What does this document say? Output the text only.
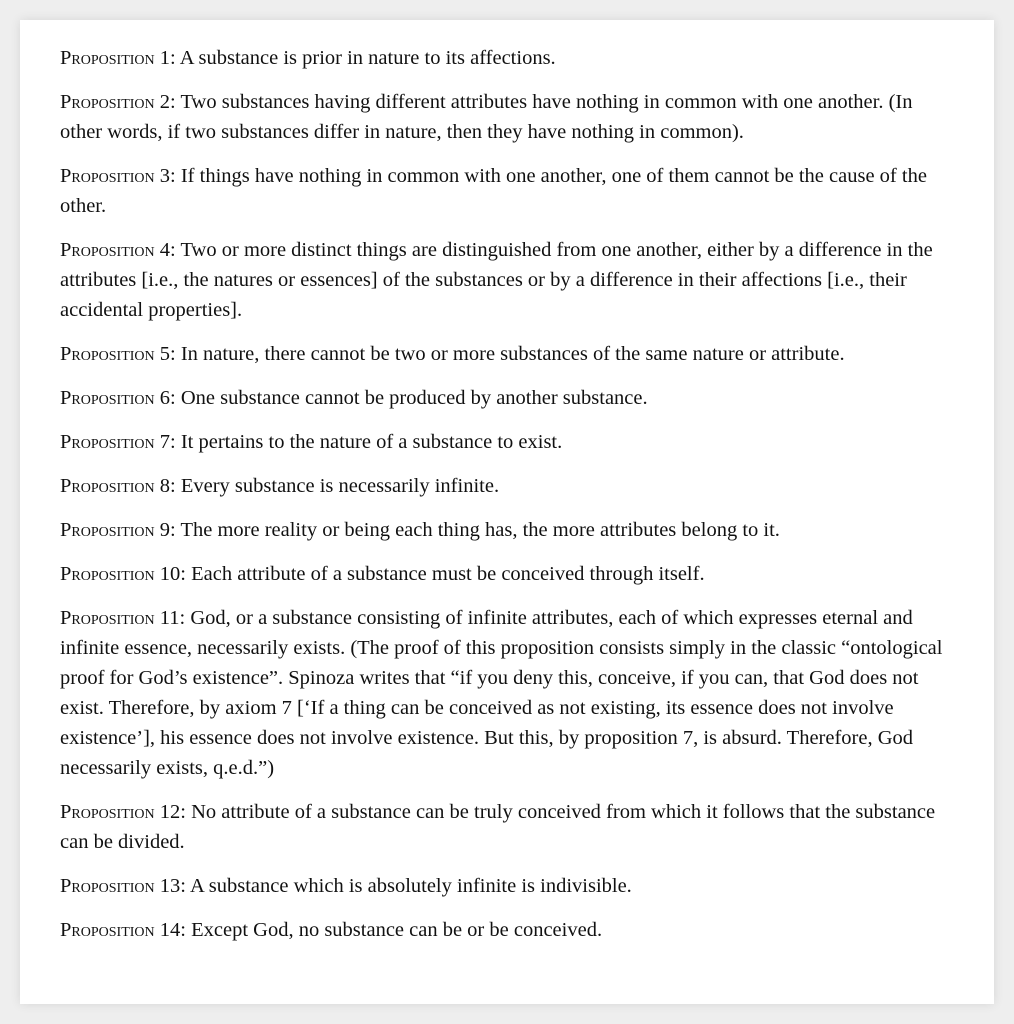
Proposition 1: A substance is prior in nature to its affections.

Proposition 2: Two substances having different attributes have nothing in common with one another. (In other words, if two substances differ in nature, then they have nothing in common).

Proposition 3: If things have nothing in common with one another, one of them cannot be the cause of the other.

Proposition 4: Two or more distinct things are distinguished from one another, either by a difference in the attributes [i.e., the natures or essences] of the substances or by a difference in their affections [i.e., their accidental properties].

Proposition 5: In nature, there cannot be two or more substances of the same nature or attribute.

Proposition 6: One substance cannot be produced by another substance.

Proposition 7: It pertains to the nature of a substance to exist.

Proposition 8: Every substance is necessarily infinite.

Proposition 9: The more reality or being each thing has, the more attributes belong to it.

Proposition 10: Each attribute of a substance must be conceived through itself.

Proposition 11: God, or a substance consisting of infinite attributes, each of which expresses eternal and infinite essence, necessarily exists. (The proof of this proposition consists simply in the classic “ontological proof for God’s existence”. Spinoza writes that “if you deny this, conceive, if you can, that God does not exist. Therefore, by axiom 7 [‘If a thing can be conceived as not existing, its essence does not involve existence’], his essence does not involve existence. But this, by proposition 7, is absurd. Therefore, God necessarily exists, q.e.d.”)

Proposition 12: No attribute of a substance can be truly conceived from which it follows that the substance can be divided.

Proposition 13: A substance which is absolutely infinite is indivisible.

Proposition 14: Except God, no substance can be or be conceived.
